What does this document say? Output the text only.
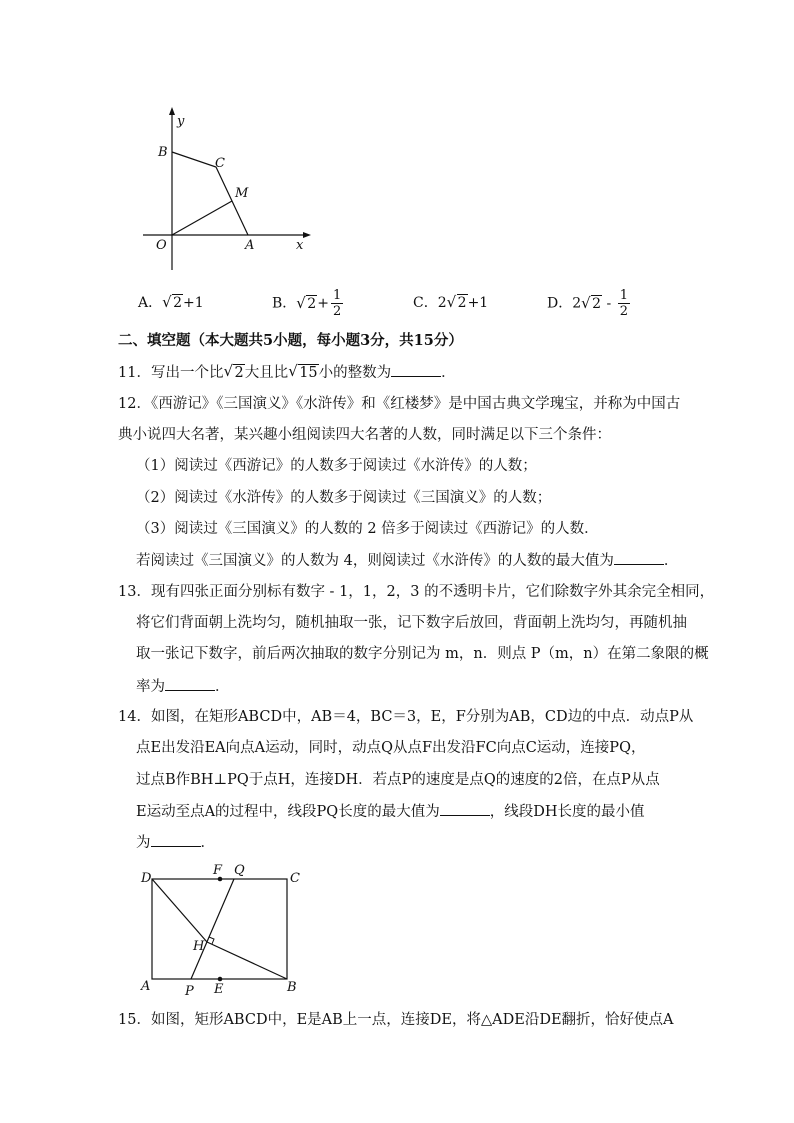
y
B
C
M
O	A	x
A． √ 2+1	B． √ $2+ \frac{1}{2}$	C．2 √ 2+1	D．2 √ $2 - \frac{1}{2}$
二、填空题（本大题共5小题，每小题3分，共15分）
11．写出一个比 √ 2大且比 √ 15小的整数为	．
12．《西游记》《三国演义》《水浒传》和《红楼梦》是中国古典文学瑰宝，并称为中国古
典小说四大名著，某兴趣小组阅读四大名著的人数，同时满足以下三个条件：
（1）阅读过《西游记》的人数多于阅读过《水浒传》的人数；
（2）阅读过《水浒传》的人数多于阅读过《三国演义》的人数；
（3）阅读过《三国演义》的人数的 2 倍多于阅读过《西游记》的人数．
若阅读过《三国演义》的人数为 4，则阅读过《水浒传》的人数的最大值为	．
13．现有四张正面分别标有数字 - 1，1，2，3 的不透明卡片，它们除数字外其余完全相同，
将它们背面朝上洗均匀，随机抽取一张，记下数字后放回，背面朝上洗均匀，再随机抽
取一张记下数字，前后两次抽取的数字分别记为 m，n．则点 P（m，n）在第二象限的概
率为	．
14．如图，在矩形ABCD中，AB＝4，BC＝3，E，F分别为AB，CD边的中点．动点P从
点E出发沿EA向点A运动，同时，动点Q从点F出发沿FC向点C运动，连接PQ，
过点B作BH⊥PQ于点H，连接DH．若点P的速度是点Q的速度的2倍，在点P从点
E运动至点A的过程中，线段PQ长度的最大值为	，线段DH长度的最小值
为	．
D
F Q
C
H
A	P E	B
15．如图，矩形ABCD中，E是AB上一点，连接DE，将△ADE沿DE翻折，恰好使点A
